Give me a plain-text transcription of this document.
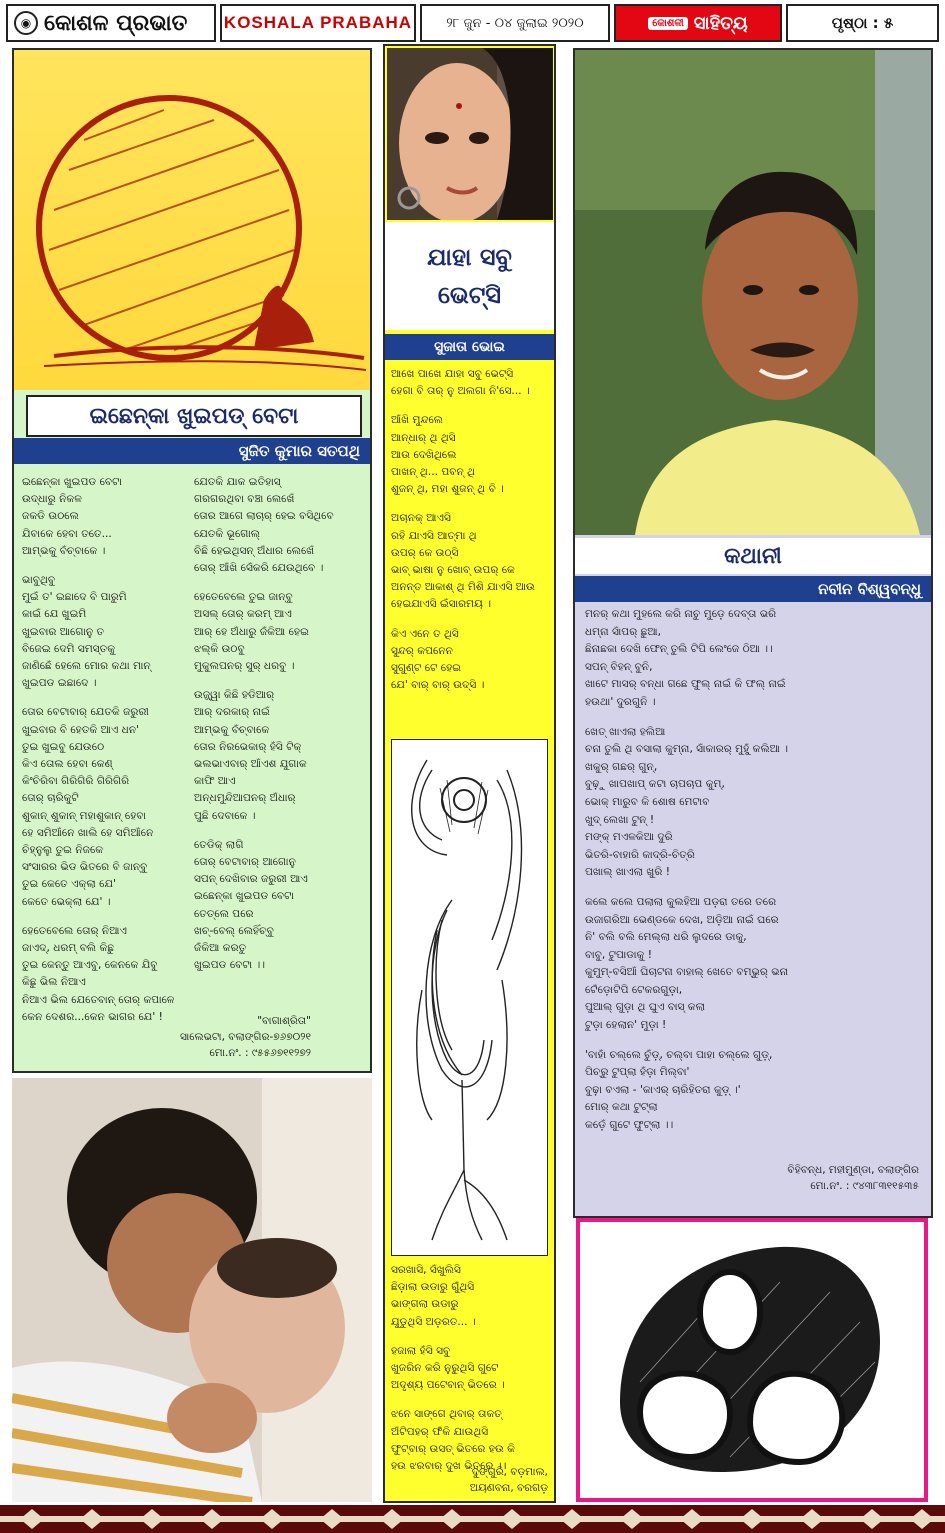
◉ କୋଶଳ ପ୍ରଭାତ KOSHALA PRABAHA	୨୮ ଜୁନ - ୦୪ ଜୁଲାଇ ୨୦୨୦	କୋଶଳୀ ସାହିତ୍ୟ	ପୃଷ୍ଠା : ୫
ଇଛେନ୍‌କା ଖୁଇପଡ୍ ବେଟା
ସୁଜିତ କୁମାର ସତପଥି

ଇଛେନ୍‌କା ଖୁଇପଡ ବେଟା

ଉଦ୍ଧାରୁ ନିକଳ

ଜକଡି ଉଠଲେ

ଯିବାକେ ହେବା ତତେ...

ଆମ୍ଭକୁ ବଁଚ୍‌ବାକେ ।

ଭାବୁଥିବୁ

ମୁଇଁ ତ' ଇଛାଦେ ବି ପାରୁମି

କାଇଁ ଯେ ଖୁଇମି

ଖୁଇବାର ଆଗୋନୁ ତ

ବିଜେଇ ଦେମି ସମସ୍ତକୁ

ଜାଣିଛେଁ ହେଲେ ମୋର କଥା ମାନ୍

ଖୁଇପଡ ଇଛାଦେ ।

ତୋର ବେଟାବାର୍ ଯେତକି ଜରୁରୀ

ଖୁଇବାର ବି ହେତକି ଆଏ ଧନ'

ତୁଇ ଖୁଇବୁ ଯେଉଠେ

କିଏ ତୋଲ ହେବା କେଣ୍

କିଂଚିରିବା ଗିରିଗିରି ଗିରିଗିରି

ତୋର୍ ଚାରିକୁଟି

ଶୁକାନ୍ ଶୁକାନ୍ ମହାଶୁକାନ୍ ହେବା

ହେ ସମିଆଁନେ ଖାଲି ହେ ସମିଆଁନେ

ଚିହ୍ନୁଲୁ ତୁଇ ନିଜକେ

ସଂସାରର ଭିଡ ଭିତରେ ବି ଜାନ୍‌ବୁ

ତୁଇ କେତେ ଏକ୍‌ଲା ଯେ'

କେତେ ଭେକ୍‌ଲା ଯେ' ।

ହେତେବେଲେ ତୋର୍ ନିଆଏ

ଜାଏଦ୍, ଧରମ୍ ବଲି କିଛୁ

ତୁଇ କେନ୍ତୁ ଆଏବୁ, କେନକେ ଯିବୁ

କିଛୁ ଭିଲ ନିଆଏ

ନିଆଏ ଭିଲ ଯେତେବାନ୍ ତୋର୍ କପାଳେ

କେନ ଦେଶର...କେନ ଭାଗର ଯେ' !

ଯେତକି ଯାକ ଇତିହାସ୍

ଗରଗରଥିବା ବଞ୍ଚା ଲେଖେଁ

ତୋର ଆଗେ ଲାଚାର୍ ହେଇ ବସିଥିବେ

ଯେତକି ଭୂଗୋଲ୍

ବିଛି ହେଇଥିସନ୍ ଅଁଧାର ଲେଖେଁ

ତୋର୍ ଆଁଖି ସେଁକରି ଯେଉଥିବେ ।

ହେତେବେଲେ ତୁଇ ଜାନ୍‌ବୁ

ଅସଲ୍ ତୋର୍ କରମ୍ ଆଏ

ଆର୍ ହେ ଅଁଧାରୁ ଜଁକିଆ ହେଇ

ଝଲ୍‌କି ଉଠବୁ

ମୁକୁଲପନର୍ ସୁର୍ ଧରବୁ ।

ଉଜ୍ଜ୍ୱା କିଛି ହଡିଆର୍

ଆର୍ ଦରକାର୍ ନାଇଁ

ଆମ୍ଭକୁ ବଁଚ୍‌ବାକେ

ତୋର ନିରଭେକାର୍ ହଁସି ଟିକ୍

ଭଲଭାଏବାର୍ ଆଁଏଶ ଯୁଗାକ

କାଫି ଆଏ

ଅନ୍ଧମୁନ୍ଦିଆପନର୍ ଅଁଧାର୍

ପୁଛି ଦେବାକେ ।

ତେଡିକ୍ ଲାଗି

ତୋର୍ ବେଟାବାର୍ ଆଗୋନୁ

ସପନ୍ ଦେଖିବାର ଜରୁରୀ ଆଏ

ଇଛେନ୍‌କା ଖୁଇପଡ ବେଟା

ତେତ୍‌ଲେ ପରେ

ଖଚ୍-ବେଲ୍ ଲେହିଁଚ୍‌ବୁ

ଜଁକିଆ କରତୁ

ଖୁଇପଡ ବେଟା ।।

"ବାଗାଶ୍ରିତା"

ସାଲେଭଟା, ବଲାଙ୍ଗିର-୭୬୭୦୨୧

ମୋ.ନଂ. : ୯୫୫୬୭୧୧୨୭୨

ଯାହା ସବୁ
ଭେଟ୍‌ସି
ସୁଜାତା ଭୋଇ

ଆଖେ ପାଖେ ଯାହା ସବୁ ଭେଟ୍‌ସି

ହେଗା ବି ତାର୍ ନୁ ଅଲଗା ନି'ସେ... ।

ଆଁଖି ମୁନ୍ଦଲେ

ଆନ୍ଧାର୍ ଥି ଥିସି

ଆଉ ଦେଖିଥିଲେ

ପାଖନ୍ ଥି... ପବନ୍ ଥି

ଶୁଜନ୍ ଥି, ମହା ଶୁଜନ୍ ଥି ବି ।

ଅଚାନକ୍ ଆଏସି

ରହି ଯାଏସି ଆତ୍ମା ଥି

ଉପର୍ କେ ଉଠ୍‌ସି

ଭାବ୍ ଭାଷା ନୁ ଖୋବ୍ ଉପର୍ କେ

ଅନନ୍ତ ଆକାଶ୍ ଥି ମିଶି ଯାଏସି ଆଉ

ହେଇଯାଏସି ଇଁସାରମୟ ।

କିଏ ଏନେ ତ ଥିସି

ସୁନ୍ଦର୍ କପନେନ

ସୁଗୁଣ୍ଟ ଟେ ହେଇ

ଯେ' ବାର୍ ବାର୍ ଉଦ୍‌ସି ।

ସରଖାସି, ସଁଖୁଲିସି

ଛିଡ଼ାଲା ଉଡାରୁ ଗୁଁଥିସି

ଭାଙ୍ଗଲା ଉଡାରୁ

ଯୁଡୁଥିସି ଅଡ଼ରତ... ।

ହଜାଲା ହଁସି ସବୁ

ଖୁଜରିନ କରି ନୁରୁଥିସି ଗୁଟେ

ଅଦୃଶ୍ୟ ପଟେବାନ୍ ଭିତରେ ।

ଝନେ ସାଙ୍ଗେ ଥିବାର୍ ତାକତ୍

ଅଁଟିପହର୍ ଫଁକି ଯାଉଥିସି

ଫୁଟ୍‌ବାର୍ ଉସତ୍ ଭିତରେ ହଉ କି

ହଉ ଝରବାର୍ ଦୁଖ ଭିତରେ ।।

ଦୁଙ୍ଗୁରି, ବଡ଼ମାଲ,

ଅୟଣବନା, ବରଗଡ଼

କଥାନୀ
ନବୀନ ବିଶ୍ୱବନ୍ଧୁ

ମନର୍ କଥା ମୁହଲେ କରି ନାଚୁ ମୁଡ଼େ ଦେବ୍‌ତା ଭରି

ଧମ୍‌ନା ସାଁପର୍ ଛୁଆ,

ଛିନାଛକା ଦେଖି ଫେନ୍ ତୁଲି ଟିପି ଲେଂଜେ ଠିଆ ।।

ସପନ୍ ବିହନ୍ ବୁନି,

ଖାଟେ ମାସର୍ ବନ୍‌ଧା ଗଛେ ଫୁଲ୍ ନାଇଁ କି ଫଲ୍ ନାଇଁ

ହଉଥା' ଦୁରଗୁନି ।

ଖେତ୍ ଖାଏଲା ହଲିଆ

ଚନା ତୁଲି ଥି ବସାଲା କୁମ୍‌ନା, ସାଁକାରର୍ ମୁହୁଁ କଲିଆ ।

ଖକୁର୍ ଗଛର୍ ଗୁନ୍,

ବୁଢ଼ୁ ଖାପଖାପ୍ କଟା ଚାପଚାପ କୁମ୍,

ଭୋକ୍ ମାରୁବ କି ଶୋଷ ମେଟାବ

ଖୁଦ୍ ଲେଖା ଟୁନ୍ !

ମଙ୍କ୍ ମଏଳକିଆ ଦୁରି

ଭିତରି-ବାହାରି କାଦ୍‌ରି-ଚିତ୍‌ରି

ପଖାଲ୍ ଖାଏଲା ଖୁରି !

କଲେ କଲେ ପଲାଲା କୁଲହିଆ ପଡ଼ରା ତରେ ତରେ

ଉଜାଗରିଆ ଭେଣ୍‌ଡକେ ଦେଖ, ଅଡ଼ିଆ ନାଇଁ ଘରେ

ନି' ବଲି ବଲି ମେଲ୍‌ଲା ଧରି ଲୁଦରେ ଡାକୁ,

ବାବୁ, ଟୁପାଡାକୁ !

କୁମୁମ୍-ବସିଆଁ ଘିଚାଟନା ବାହାଲ୍ ଖେତେ ବମ୍ଭୁର୍ ଭନା

ଟେଁଡ଼ୋଟିପି ଟେକରଗୁଡ଼ା,

ପୁଆଲ୍ ଗୁଡ଼ା ଥି ଘୁଏ ବାସ୍ କଲା

ଟୁଡ଼ା ହେଲାନ' ମୁଡ଼ା !

'ବାହାଁ ଚଲ୍‌ଲେ ଚୁଁଡ଼୍, ଚଲ୍‌ବା ପାହା ଚଲ୍‌ଲେ ଗୁଡ଼୍,

ପିଚ୍‌ରୁ ଟୁପ୍‌ଲା ହଁଡ଼ା ମିଲ୍‌ବା'

ବୁଢ଼ା ବଏଲା - 'କାଏର୍ ଚାରିହିତରା କୁଡ଼୍ ।'

ମୋର୍ କଥା ଟୁଟ୍‌ଲା

କଡ଼େଁ ଗୁଟେ ଫୁଟ୍‌ଲା ।।

ବିହିବନ୍ଧ, ମହୀମୁଣ୍ଡା, ବଲାଙ୍ଗିର

ମୋ.ନଂ. : ୯୪୩୮୩୧୧୫୩୫
